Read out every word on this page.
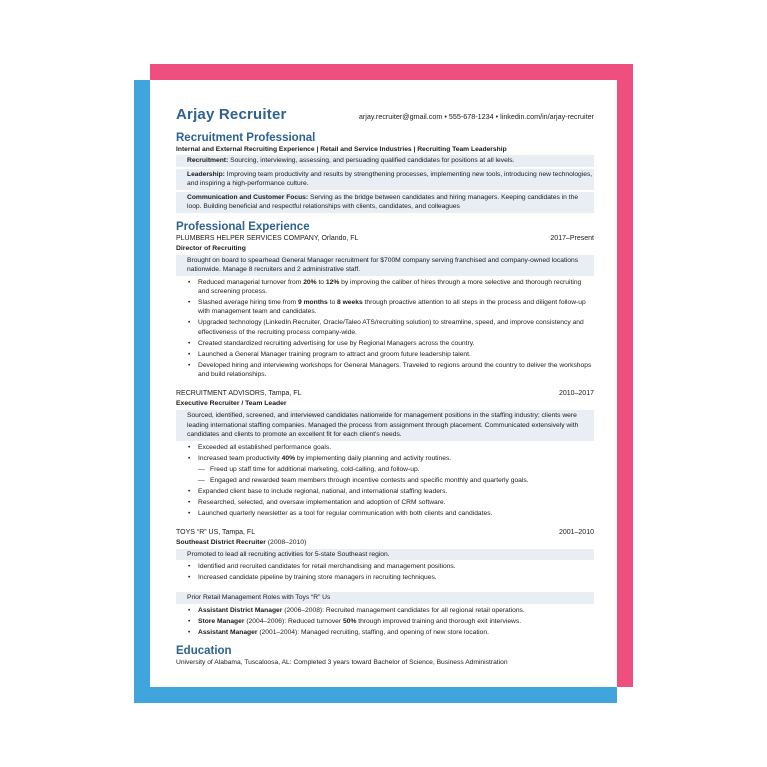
Arjay Recruiter	arjay.recruiter@gmail.com • 555-678-1234 • linkedin.com/in/arjay-recruiter
Recruitment Professional
Internal and External Recruiting Experience | Retail and Service Industries | Recruiting Team Leadership
Recruitment: Sourcing, interviewing, assessing, and persuading qualified candidates for positions at all levels.
Leadership: Improving team productivity and results by strengthening processes, implementing new tools, introducing new technologies, and inspiring a high-performance culture.
Communication and Customer Focus: Serving as the bridge between candidates and hiring managers. Keeping candidates in the loop. Building beneficial and respectful relationships with clients, candidates, and colleagues
Professional Experience
PLUMBERS HELPER SERVICES COMPANY, Orlando, FL	2017–Present
Director of Recruiting
Brought on board to spearhead General Manager recruitment for $700M company serving franchised and company-owned locations nationwide. Manage 8 recruiters and 2 administrative staff.
• Reduced managerial turnover from 20% to 12% by improving the caliber of hires through a more selective and thorough recruiting and screening process.
• Slashed average hiring time from 9 months to 8 weeks through proactive attention to all steps in the process and diligent follow-up with management team and candidates.
• Upgraded technology (LinkedIn Recruiter, Oracle/Taleo ATS/recruiting solution) to streamline, speed, and improve consistency and effectiveness of the recruiting process company-wide.
• Created standardized recruiting advertising for use by Regional Managers across the country.
• Launched a General Manager training program to attract and groom future leadership talent.
• Developed hiring and interviewing workshops for General Managers. Traveled to regions around the country to deliver the workshops and build relationships.
RECRUITMENT ADVISORS, Tampa, FL	2010–2017
Executive Recruiter / Team Leader
Sourced, identified, screened, and interviewed candidates nationwide for management positions in the staffing industry; clients were leading international staffing companies. Managed the process from assignment through placement. Communicated extensively with candidates and clients to promote an excellent fit for each client's needs.
• Exceeded all established performance goals.
• Increased team productivity 40% by implementing daily planning and activity routines.
— Freed up staff time for additional marketing, cold-calling, and follow-up.
— Engaged and rewarded team members through incentive contests and specific monthly and quarterly goals.
• Expanded client base to include regional, national, and international staffing leaders.
• Researched, selected, and oversaw implementation and adoption of CRM software.
• Launched quarterly newsletter as a tool for regular communication with both clients and candidates.
TOYS “R” US, Tampa, FL	2001–2010
Southeast District Recruiter (2008–2010)
Promoted to lead all recruiting activities for 5-state Southeast region.
• Identified and recruited candidates for retail merchandising and management positions.
• Increased candidate pipeline by training store managers in recruiting techniques.
Prior Retail Management Roles with Toys “R” Us
• Assistant District Manager (2006–2008): Recruited management candidates for all regional retail operations.
• Store Manager (2004–2006): Reduced turnover 50% through improved training and thorough exit interviews.
• Assistant Manager (2001–2004): Managed recruiting, staffing, and opening of new store location.
Education
University of Alabama, Tuscaloosa, AL: Completed 3 years toward Bachelor of Science, Business Administration
